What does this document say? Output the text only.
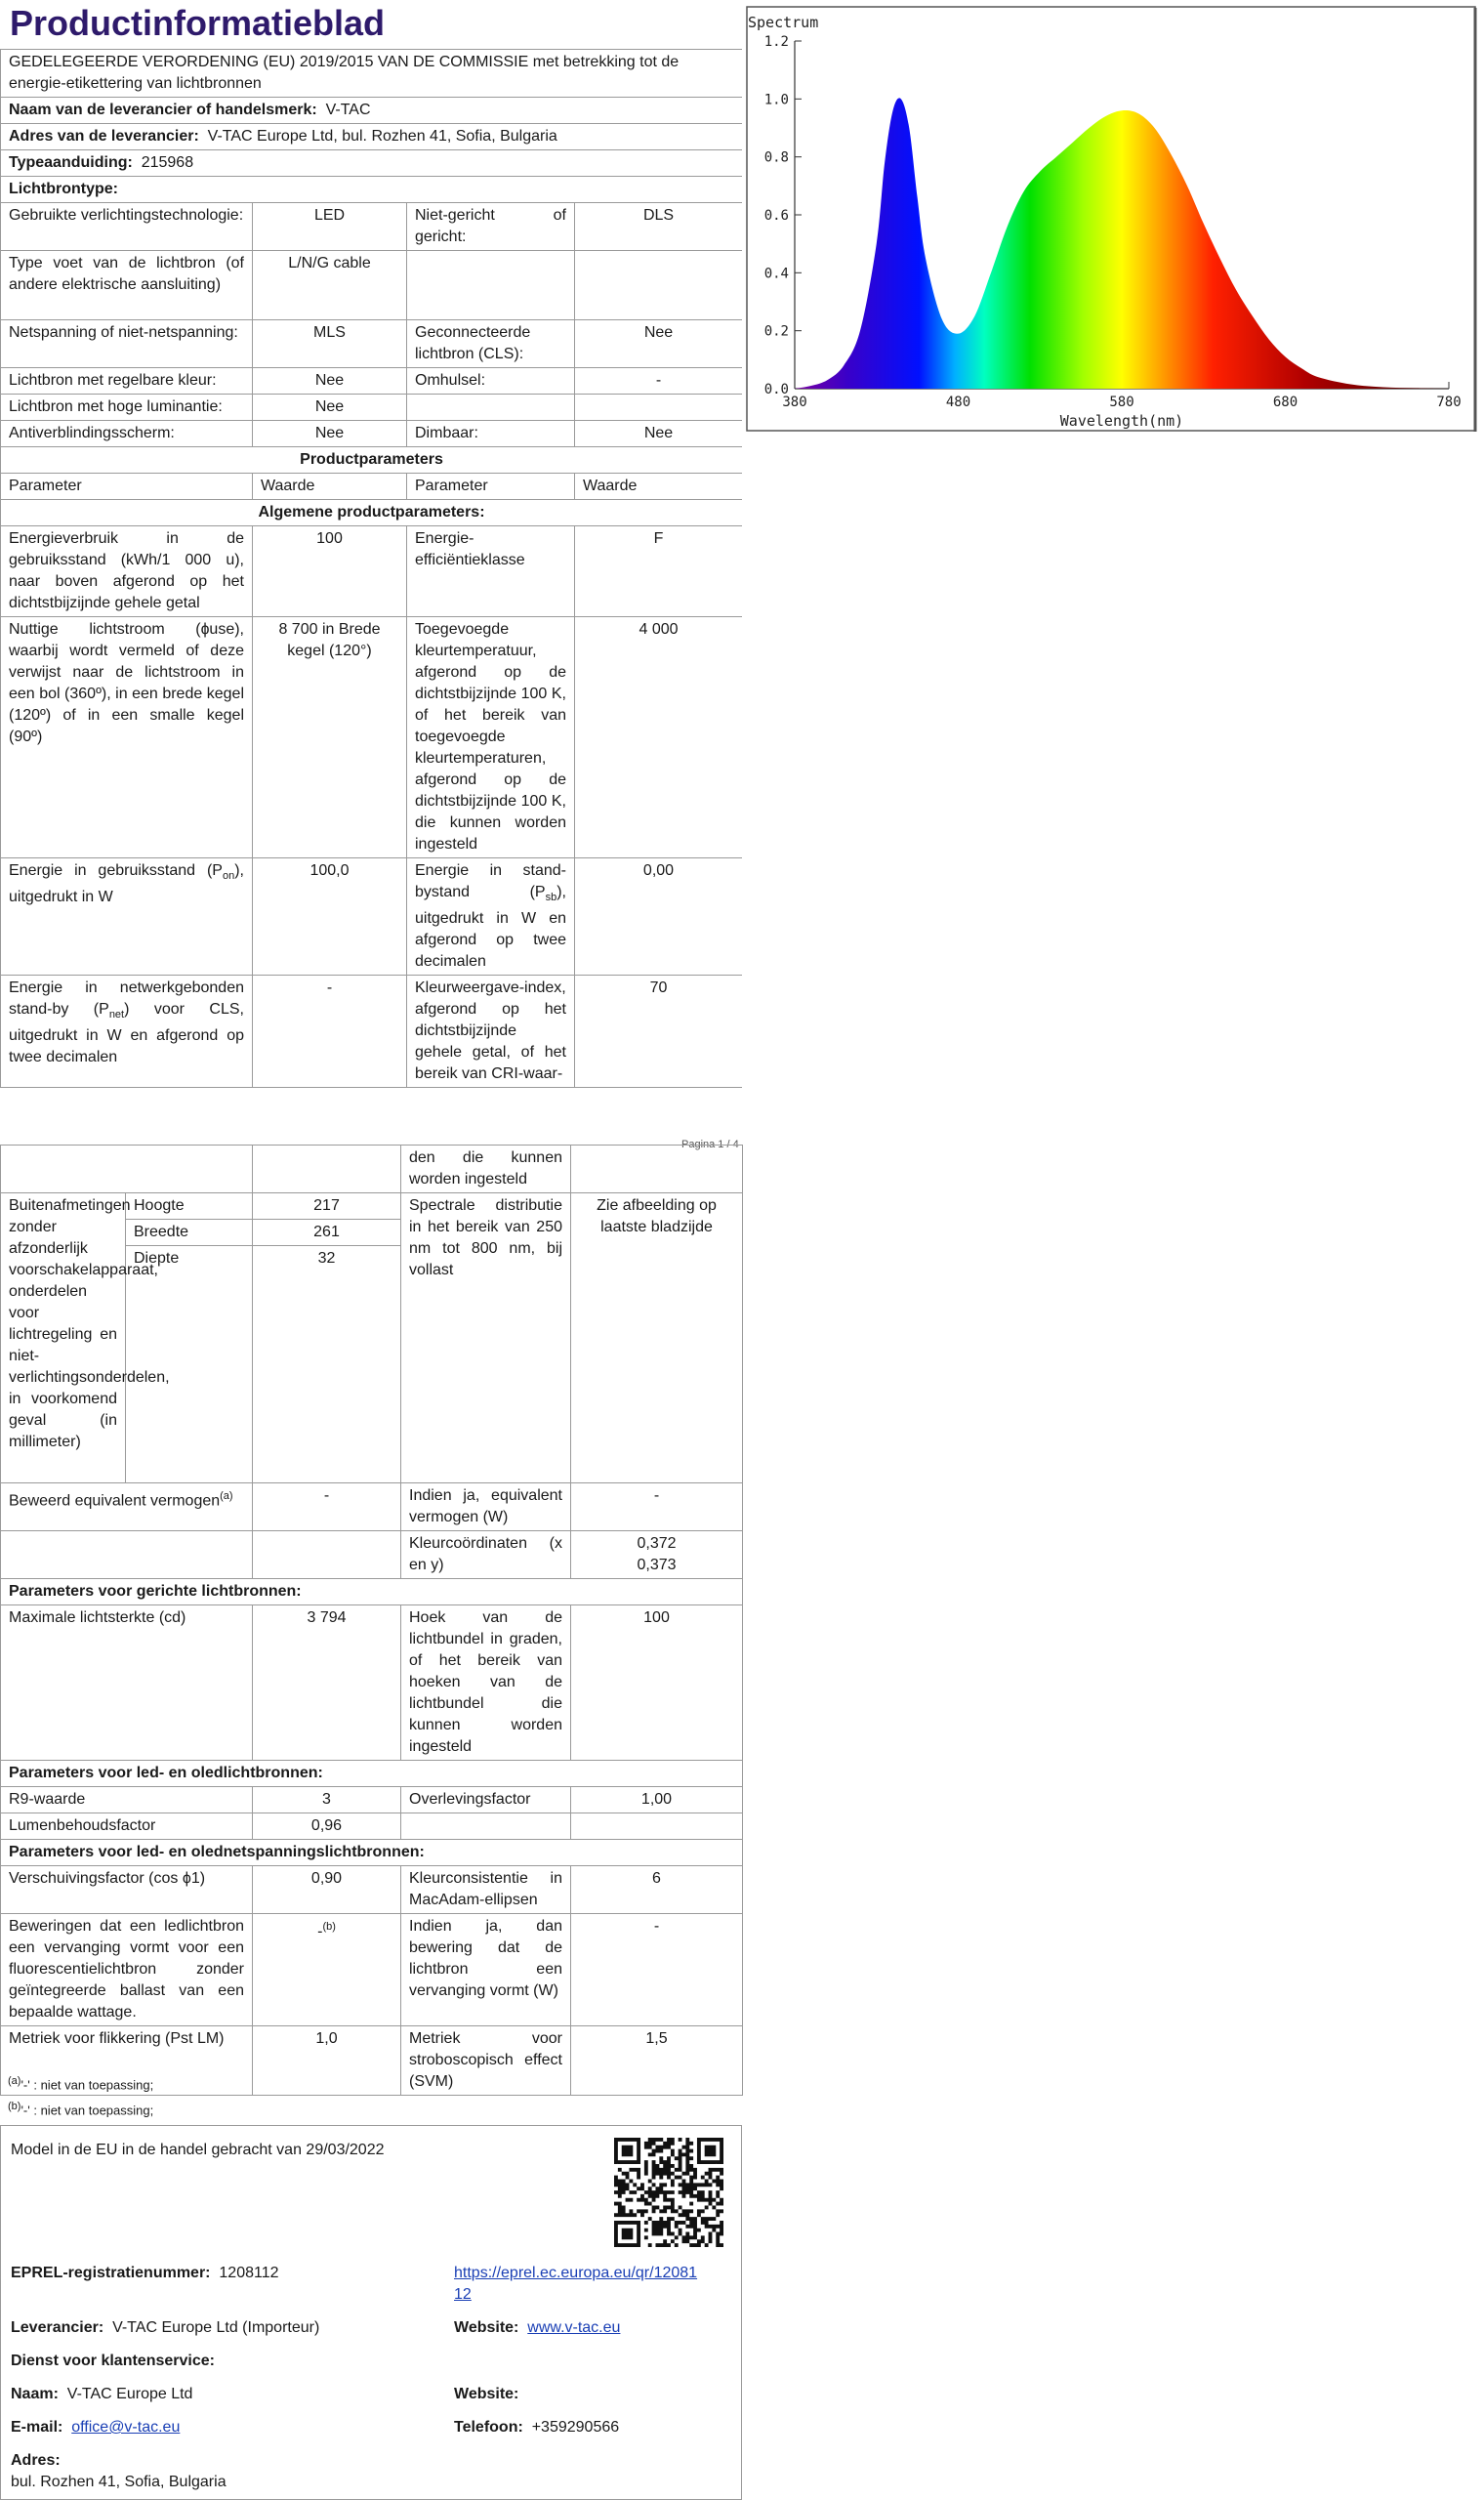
Productinformatieblad
GEDELEGEERDE VERORDENING (EU) 2019/2015 VAN DE COMMISSIE met betrekking tot de energie-etikettering van lichtbronnen			
Naam van de leverancier of handelsmerk: V-TAC			
Adres van de leverancier: V-TAC Europe Ltd, bul. Rozhen 41, Sofia, Bulgaria			
Typeaanduiding: 215968			
Lichtbrontype:			
Gebruikte verlichtingstechnologie:	LED	Niet-gericht of gericht:	DLS
Type voet van de lichtbron (of andere elektrische aansluiting)	L/N/G cable		
Netspanning of niet-netspanning:	MLS	Geconnecteerde lichtbron (CLS):	Nee
Lichtbron met regelbare kleur:	Nee	Omhulsel:	-
Lichtbron met hoge luminantie:	Nee		
Antiverblindingsscherm:	Nee	Dimbaar:	Nee
Productparameters			
Parameter	Waarde	Parameter	Waarde
Algemene productparameters:			
Energieverbruik in de gebruiksstand (kWh/1 000 u), naar boven afgerond op het dichtstbijzijnde gehele getal	100	Energie-efficiëntieklasse	F
Nuttige lichtstroom (ɸuse), waarbij wordt vermeld of deze verwijst naar de lichtstroom in een bol (360º), in een brede kegel (120º) of in een smalle kegel (90º)	8 700 in Brede kegel (120°)	Toegevoegde kleurtemperatuur, afgerond op de dichtstbijzijnde 100 K, of het bereik van toegevoegde kleurtemperaturen, afgerond op de dichtstbijzijnde 100 K, die kunnen worden ingesteld	4 000
Energie in gebruiksstand $(P_{on})$, uitgedrukt in W	100,0	Energie in stand-bystand $(P_{sb})$, uitgedrukt in W en afgerond op twee decimalen	0,00
Energie in netwerkgebonden stand-by $(P_{net})$ voor CLS, uitgedrukt in W en afgerond op twee decimalen	-	Kleurweergave-index, afgerond op het dichtstbijzijnde gehele getal, of het bereik van CRI-waar-	70
Pagina 1 / 4
			den die kunnen worden ingesteld	
Buitenafmetingen zonder afzonderlijk voorschakelapparaat, onderdelen voor lichtregeling en niet-verlichtingsonderdelen, in voorkomend geval (in millimeter)	Hoogte	217	Spectrale distributie in het bereik van 250 nm tot 800 nm, bij vollast	Zie afbeelding op laatste bladzijde
	Breedte	261		
	Diepte	32		
Beweerd equivalent vermogen$^{(a)}$		-	Indien ja, equivalent vermogen (W)	-
			Kleurcoördinaten (x en y)	0,372
0,373

Parameters voor gerichte lichtbronnen:				
Maximale lichtsterkte (cd)		3 794	Hoek van de lichtbundel in graden, of het bereik van hoeken van de lichtbundel die kunnen worden ingesteld	100
Parameters voor led- en oledlichtbronnen:				
R9-waarde		3	Overlevingsfactor	1,00
Lumenbehoudsfactor		0,96		
Parameters voor led- en olednetspanningslichtbronnen:				
Verschuivingsfactor (cos ϕ1)		0,90	Kleurconsistentie in MacAdam-ellipsen	6
Beweringen dat een ledlichtbron een vervanging vormt voor een fluorescentielichtbron zonder geïntegreerde ballast van een bepaalde wattage.		-$^{(b)}$	Indien ja, dan bewering dat de lichtbron een vervanging vormt (W)	-
Metriek voor flikkering (Pst LM)		1,0	Metriek voor stroboscopisch effect (SVM)	1,5
$^{(a)}$'-' : niet van toepassing;
$^{(b)}$'-' : niet van toepassing;
Model in de EU in de handel gebracht van 29/03/2022
EPREL-registratienummer: 1208112	https://eprel.ec.europa.eu/qr/1208112
Leverancier: V-TAC Europe Ltd (Importeur)	Website: www.v-tac.eu
Dienst voor klantenservice:
Naam: V-TAC Europe Ltd	Website:
E-mail: office@v-tac.eu	Telefoon: +359290566
Adres:
bul. Rozhen 41, Sofia, Bulgaria
Spectrum
0.0
0.2
0.4
0.6
0.8
1.0
1.2
380	480	580	680	780
Wavelength(nm)
